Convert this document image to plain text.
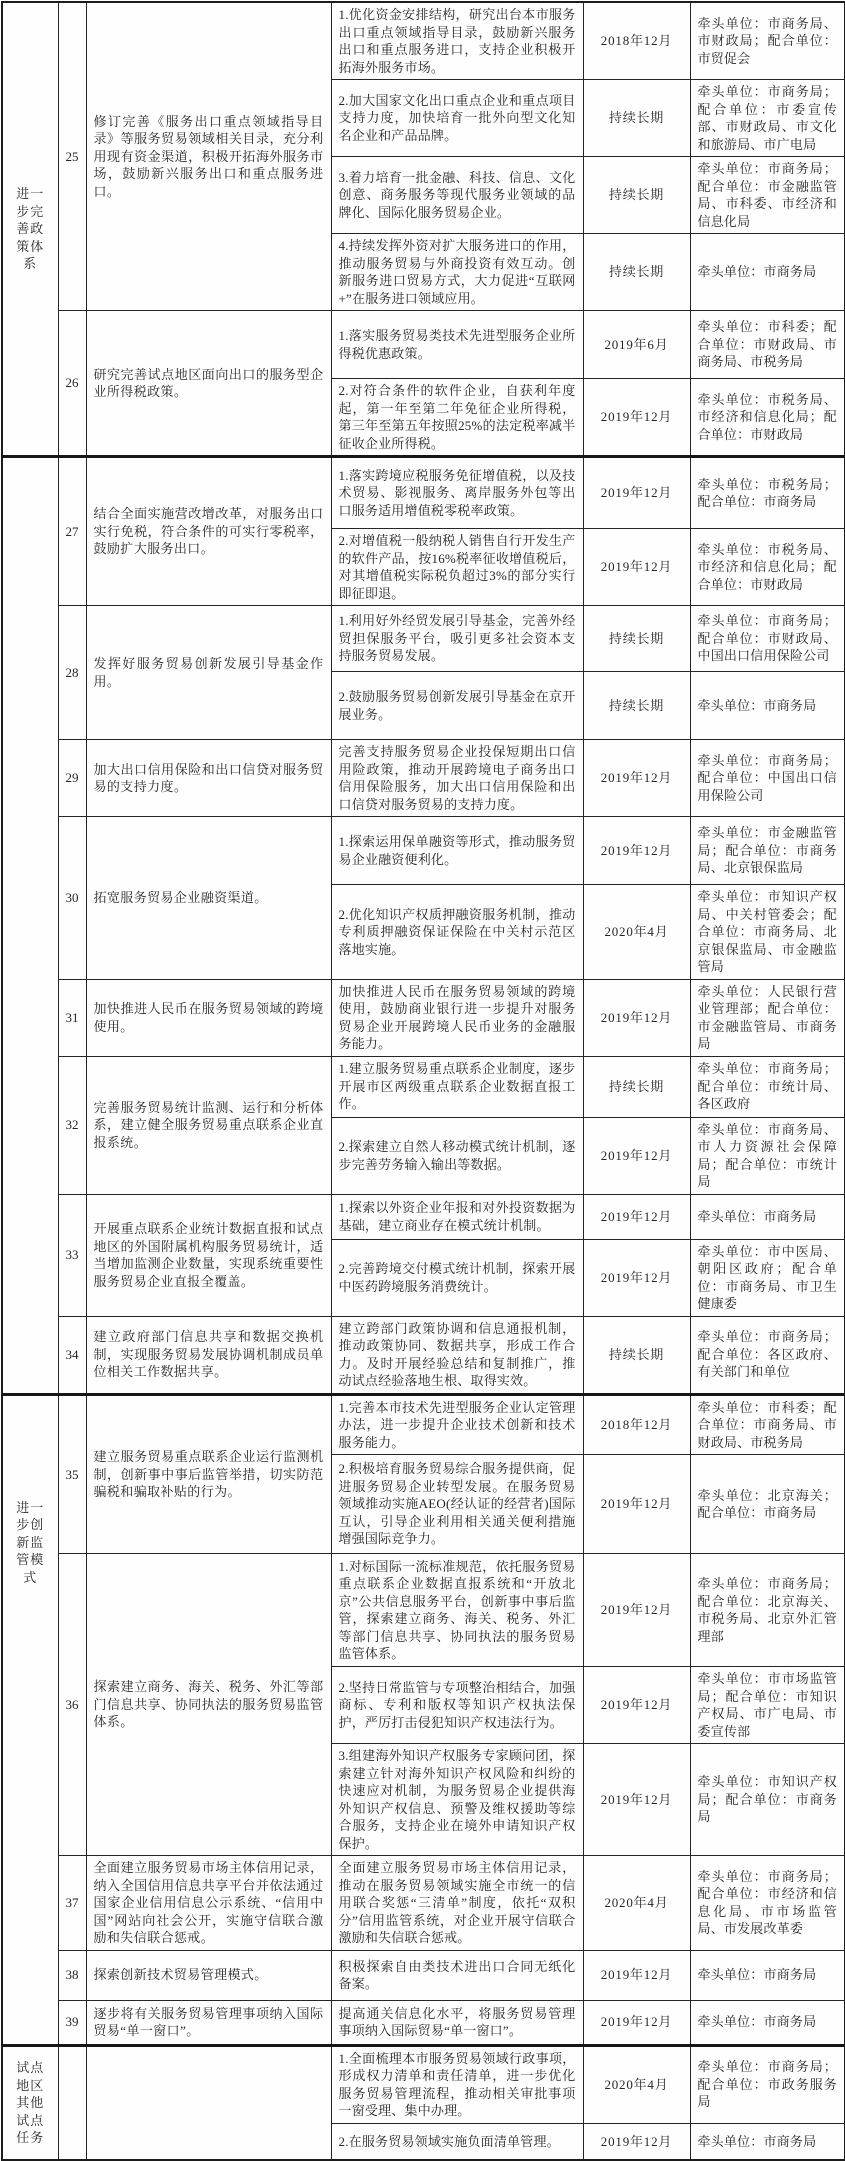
进一步完善政策体系	25	修订完善《服务出口重点领域指导目录》等服务贸易领域相关目录，充分利用现有资金渠道，积极开拓海外服务市场，鼓励新兴服务出口和重点服务进口。	1.优化资金安排结构，研究出台本市服务出口重点领域指导目录，鼓励新兴服务出口和重点服务进口，支持企业积极开拓海外服务市场。	2018年12月	牵头单位：市商务局、市财政局；配合单位：市贸促会
			2.加大国家文化出口重点企业和重点项目支持力度，加快培育一批外向型文化知名企业和产品品牌。	持续长期	牵头单位：市商务局；配合单位：市委宣传部、市财政局、市文化和旅游局、市广电局
			3.着力培育一批金融、科技、信息、文化创意、商务服务等现代服务业领域的品牌化、国际化服务贸易企业。	持续长期	牵头单位：市商务局；配合单位：市金融监管局、市科委、市经济和信息化局
			4.持续发挥外资对扩大服务进口的作用，推动服务贸易与外商投资有效互动。创新服务进口贸易方式，大力促进“互联网+”在服务进口领域应用。	持续长期	牵头单位：市商务局
	26	研究完善试点地区面向出口的服务型企业所得税政策。	1.落实服务贸易类技术先进型服务企业所得税优惠政策。	2019年6月	牵头单位：市科委；配合单位：市财政局、市商务局、市税务局
			2.对符合条件的软件企业，自获利年度起，第一年至第二年免征企业所得税，第三年至第五年按照25%的法定税率减半征收企业所得税。	2019年12月	牵头单位：市税务局、市经济和信息化局；配合单位：市财政局

	27	结合全面实施营改增改革，对服务出口实行免税，符合条件的可实行零税率，鼓励扩大服务出口。	1.落实跨境应税服务免征增值税，以及技术贸易、影视服务、离岸服务外包等出口服务适用增值税零税率政策。	2019年12月	牵头单位：市税务局；配合单位：市商务局
			2.对增值税一般纳税人销售自行开发生产的软件产品，按16%税率征收增值税后，对其增值税实际税负超过3%的部分实行即征即退。	2019年12月	牵头单位：市税务局、市经济和信息化局；配合单位：市财政局
	28	发挥好服务贸易创新发展引导基金作用。	1.利用好外经贸发展引导基金，完善外经贸担保服务平台，吸引更多社会资本支持服务贸易发展。	持续长期	牵头单位：市商务局；配合单位：市财政局、中国出口信用保险公司
			2.鼓励服务贸易创新发展引导基金在京开展业务。	持续长期	牵头单位：市商务局
	29	加大出口信用保险和出口信贷对服务贸易的支持力度。	完善支持服务贸易企业投保短期出口信用险政策，推动开展跨境电子商务出口信用保险服务，加大出口信用保险和出口信贷对服务贸易的支持力度。	2019年12月	牵头单位：市商务局；配合单位：中国出口信用保险公司
	30	拓宽服务贸易企业融资渠道。	1.探索运用保单融资等形式，推动服务贸易企业融资便利化。	2019年12月	牵头单位：市金融监管局；配合单位：市商务局、北京银保监局
			2.优化知识产权质押融资服务机制，推动专利质押融资保证保险在中关村示范区落地实施。	2020年4月	牵头单位：市知识产权局、中关村管委会；配合单位：市商务局、北京银保监局、市金融监管局
	31	加快推进人民币在服务贸易领域的跨境使用。	加快推进人民币在服务贸易领域的跨境使用，鼓励商业银行进一步提升对服务贸易企业开展跨境人民币业务的金融服务能力。	2019年12月	牵头单位：人民银行营业管理部；配合单位：市金融监管局、市商务局
	32	完善服务贸易统计监测、运行和分析体系，建立健全服务贸易重点联系企业直报系统。	1.建立服务贸易重点联系企业制度，逐步开展市区两级重点联系企业数据直报工作。	持续长期	牵头单位：市商务局；配合单位：市统计局、各区政府
			2.探索建立自然人移动模式统计机制，逐步完善劳务输入输出等数据。	2019年12月	牵头单位：市商务局、市人力资源社会保障局；配合单位：市统计局
	33	开展重点联系企业统计数据直报和试点地区的外国附属机构服务贸易统计，适当增加监测企业数量，实现系统重要性服务贸易企业直报全覆盖。	1.探索以外资企业年报和对外投资数据为基础，建立商业存在模式统计机制。	2019年12月	牵头单位：市商务局
			2.完善跨境交付模式统计机制，探索开展中医药跨境服务消费统计。	2019年12月	牵头单位：市中医局、朝阳区政府；配合单位：市商务局、市卫生健康委
	34	建立政府部门信息共享和数据交换机制，实现服务贸易发展协调机制成员单位相关工作数据共享。	建立跨部门政策协调和信息通报机制，推动政策协同、数据共享，形成工作合力。及时开展经验总结和复制推广，推动试点经验落地生根、取得实效。	持续长期	牵头单位：市商务局；配合单位：各区政府、有关部门和单位

进一步创新监管模式	35	建立服务贸易重点联系企业运行监测机制，创新事中事后监管举措，切实防范骗税和骗取补贴的行为。	1.完善本市技术先进型服务企业认定管理办法，进一步提升企业技术创新和技术服务能力。	2018年12月	牵头单位：市科委；配合单位：市商务局、市财政局、市税务局
			2.积极培育服务贸易综合服务提供商，促进服务贸易企业转型发展。在服务贸易领域推动实施AEO(经认证的经营者)国际互认，引导企业利用相关通关便利措施增强国际竞争力。	2019年12月	牵头单位：北京海关；配合单位：市商务局
	36	探索建立商务、海关、税务、外汇等部门信息共享、协同执法的服务贸易监管体系。	1.对标国际一流标准规范，依托服务贸易重点联系企业数据直报系统和“开放北京”公共信息服务平台，创新事中事后监管，探索建立商务、海关、税务、外汇等部门信息共享、协同执法的服务贸易监管体系。	2019年12月	牵头单位：市商务局；配合单位：北京海关、市税务局、北京外汇管理部
			2.坚持日常监管与专项整治相结合，加强商标、专利和版权等知识产权执法保护，严厉打击侵犯知识产权违法行为。	2019年12月	牵头单位：市市场监管局；配合单位：市知识产权局、市广电局、市委宣传部
			3.组建海外知识产权服务专家顾问团，探索建立针对海外知识产权风险和纠纷的快速应对机制，为服务贸易企业提供海外知识产权信息、预警及维权援助等综合服务，支持企业在境外申请知识产权保护。	2019年12月	牵头单位：市知识产权局；配合单位：市商务局
	37	全面建立服务贸易市场主体信用记录，纳入全国信用信息共享平台并依法通过国家企业信用信息公示系统、“信用中国”网站向社会公开，实施守信联合激励和失信联合惩戒。	全面建立服务贸易市场主体信用记录，推动在服务贸易领域实施全市统一的信用联合奖惩“三清单”制度，依托“双积分”信用监管系统，对企业开展守信联合激励和失信联合惩戒。	2020年4月	牵头单位：市商务局；配合单位：市经济和信息化局、市市场监管局、市发展改革委
	38	探索创新技术贸易管理模式。	积极探索自由类技术进出口合同无纸化备案。	2019年12月	牵头单位：市商务局
	39	逐步将有关服务贸易管理事项纳入国际贸易“单一窗口”。	提高通关信息化水平，将服务贸易管理事项纳入国际贸易“单一窗口”。	2019年12月	牵头单位：市商务局

试点地区其他试点任务			1.全面梳理本市服务贸易领域行政事项，形成权力清单和责任清单，进一步优化服务贸易管理流程，推动相关审批事项一窗受理、集中办理。	2020年4月	牵头单位：市商务局；配合单位：市政务服务局
			2.在服务贸易领域实施负面清单管理。	2019年12月	牵头单位：市商务局
